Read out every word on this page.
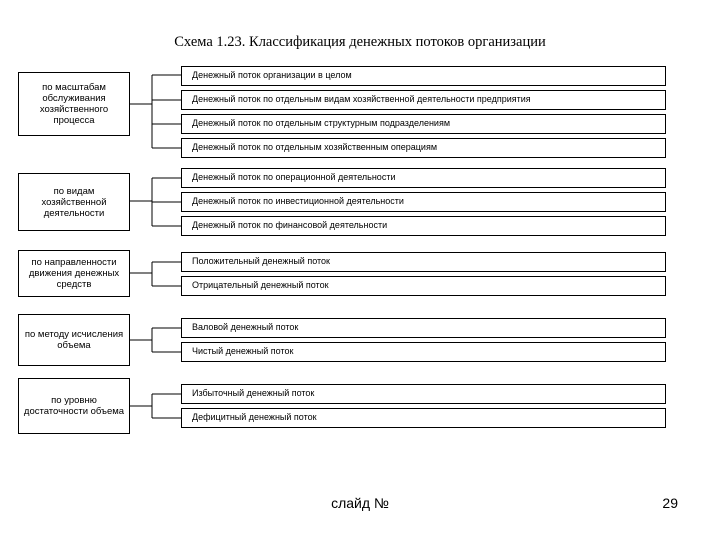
Схема 1.23. Классификация денежных потоков организации
по масштабам обслуживания хозяйственного процесса
по видам хозяйственной деятельности
по направленности движения денежных средств
по методу исчисления объема
по уровню достаточности объема
Денежный поток организации в целом
Денежный поток по отдельным видам хозяйственной деятельности предприятия
Денежный поток по отдельным структурным подразделениям
Денежный поток по отдельным хозяйственным операциям
Денежный поток по операционной деятельности
Денежный поток по инвестиционной деятельности
Денежный поток по финансовой деятельности
Положительный денежный поток
Отрицательный денежный поток
Валовой денежный поток
Чистый денежный поток
Избыточный денежный поток
Дефицитный денежный поток
слайд №	29
